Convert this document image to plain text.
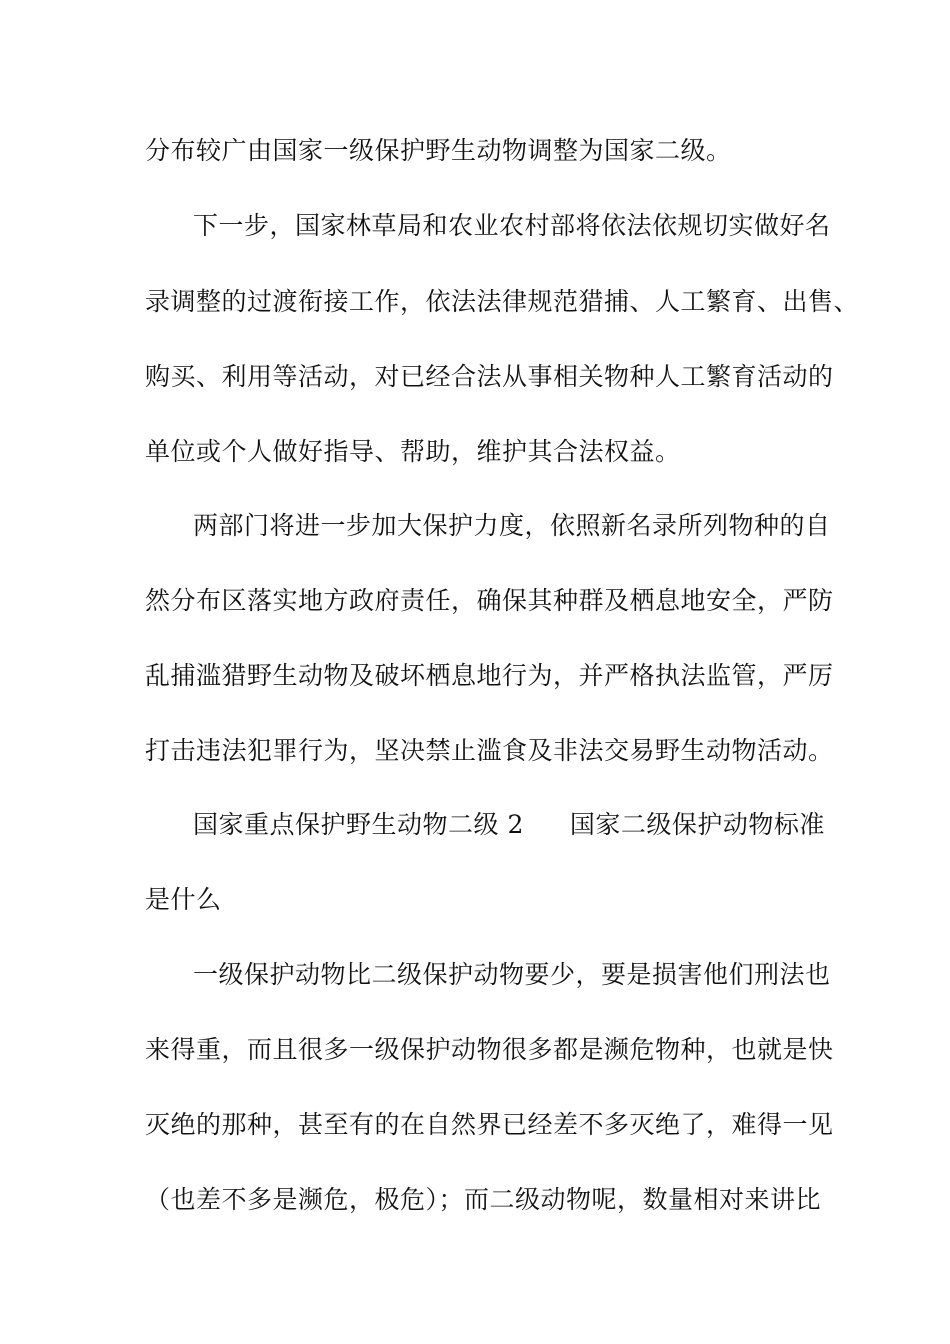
分布较广由国家一级保护野生动物调整为国家二级。
下一步，国家林草局和农业农村部将依法依规切实做好名
录调整的过渡衔接工作，依法法律规范猎捕、人工繁育、出售、
购买、利用等活动，对已经合法从事相关物种人工繁育活动的
单位或个人做好指导、帮助，维护其合法权益。
两部门将进一步加大保护力度，依照新名录所列物种的自
然分布区落实地方政府责任，确保其种群及栖息地安全，严防
乱捕滥猎野生动物及破坏栖息地行为，并严格执法监管，严厉
打击违法犯罪行为，坚决禁止滥食及非法交易野生动物活动。
国家重点保护野生动物二级 2 国家二级保护动物标准
是什么
一级保护动物比二级保护动物要少，要是损害他们刑法也
来得重，而且很多一级保护动物很多都是濒危物种，也就是快
灭绝的那种，甚至有的在自然界已经差不多灭绝了，难得一见
（也差不多是濒危，极危）；而二级动物呢，数量相对来讲比
